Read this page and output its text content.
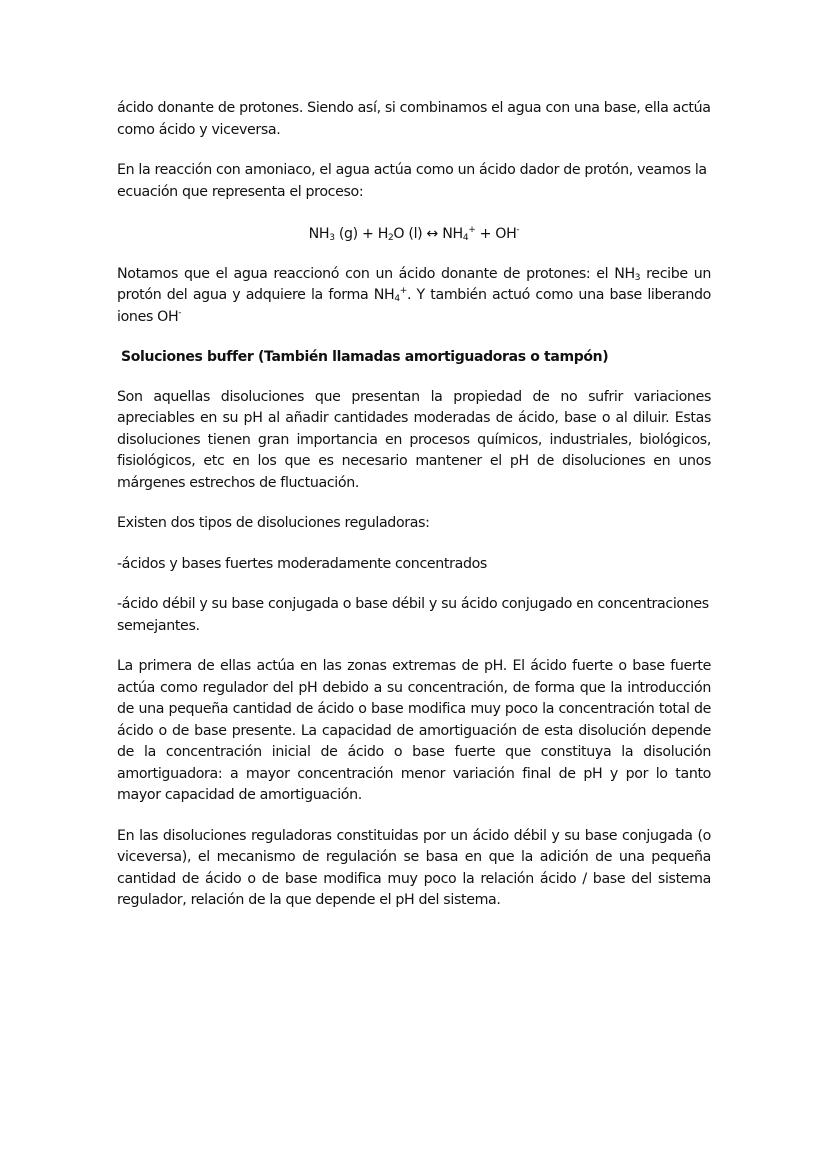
ácido donante de protones. Siendo así, si combinamos el agua con una base, ella actúa como ácido y viceversa.

En la reacción con amoniaco, el agua actúa como un ácido dador de protón, veamos la ecuación que representa el proceso:

$NH_3$ $(g) + H_2O$ (l) ↔ $NH_4^+ + OH^-$

Notamos que el agua reaccionó con un ácido donante de protones: el $NH_3$ recibe un protón del agua y adquiere la forma $NH_4^+$. Y también actuó como una base liberando iones OH-

Soluciones buffer (También llamadas amortiguadoras o tampón)

Son aquellas disoluciones que presentan la propiedad de no sufrir variaciones apreciables en su pH al añadir cantidades moderadas de ácido, base o al diluir. Estas disoluciones tienen gran importancia en procesos químicos, industriales, biológicos, fisiológicos, etc en los que es necesario mantener el pH de disoluciones en unos márgenes estrechos de fluctuación.

Existen dos tipos de disoluciones reguladoras:

-ácidos y bases fuertes moderadamente concentrados

-ácido débil y su base conjugada o base débil y su ácido conjugado en concentraciones semejantes.

La primera de ellas actúa en las zonas extremas de pH. El ácido fuerte o base fuerte actúa como regulador del pH debido a su concentración, de forma que la introducción de una pequeña cantidad de ácido o base modifica muy poco la concentración total de ácido o de base presente. La capacidad de amortiguación de esta disolución depende de la concentración inicial de ácido o base fuerte que constituya la disolución amortiguadora: a mayor concentración menor variación final de pH y por lo tanto mayor capacidad de amortiguación.

En las disoluciones reguladoras constituidas por un ácido débil y su base conjugada (o viceversa), el mecanismo de regulación se basa en que la adición de una pequeña cantidad de ácido o de base modifica muy poco la relación ácido / base del sistema regulador, relación de la que depende el pH del sistema.
